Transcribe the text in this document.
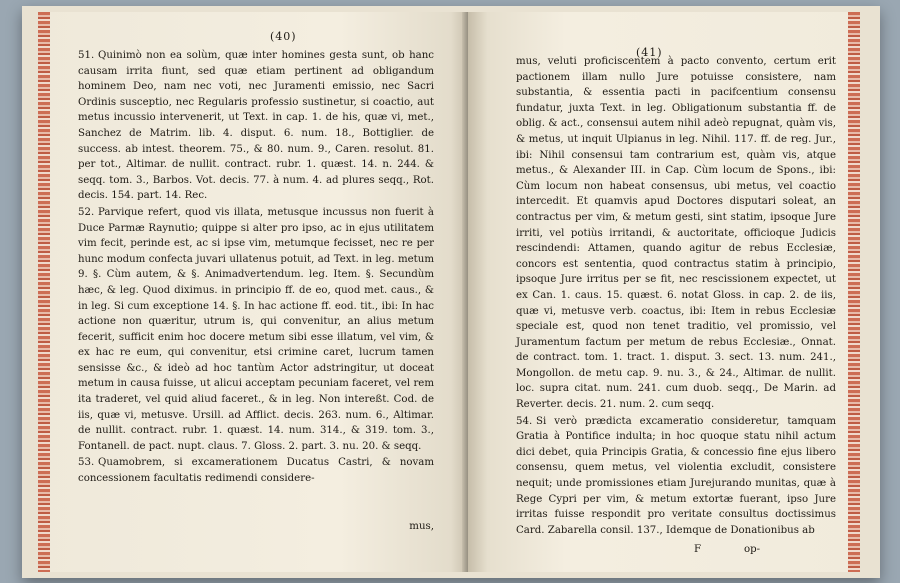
(40)

51. Quinimò non ea solùm, quæ inter homines gesta sunt, ob hanc causam irrita fiunt, sed quæ etiam pertinent ad obligandum hominem Deo, nam nec voti, nec Juramenti emissio, nec Sacri Ordinis susceptio, nec Regularis professio sustinetur, si coactio, aut metus incussio intervenerit, ut Text. in cap. 1. de his, quæ vi, met., Sanchez de Matrim. lib. 4. disput. 6. num. 18., Bottiglier. de success. ab intest. theorem. 75., & 80. num. 9., Caren. resolut. 81. per tot., Altimar. de nullit. contract. rubr. 1. quæst. 14. n. 244. & seqq. tom. 3., Barbos. Vot. decis. 77. à num. 4. ad plures seqq., Rot. decis. 154. part. 14. Rec.

52. Parvique refert, quod vis illata, metusque incussus non fuerit à Duce Parmæ Raynutio; quippe si alter pro ipso, ac in ejus utilitatem vim fecit, perinde est, ac si ipse vim, metumque fecisset, nec re per hunc modum confecta juvari ullatenus potuit, ad Text. in leg. metum 9. §. Cùm autem, & §. Animadvertendum. leg. Item. §. Secundùm hæc, & leg. Quod diximus. in principio ff. de eo, quod met. caus., & in leg. Si cum exceptione 14. §. In hac actione ff. eod. tit., ibi: In hac actione non quæritur, utrum is, qui convenitur, an alius metum fecerit, sufficit enim hoc docere metum sibi esse illatum, vel vim, & ex hac re eum, qui convenitur, etsi crimine caret, lucrum tamen sensisse &c., & ideò ad hoc tantùm Actor adstringitur, ut doceat metum in causa fuisse, ut alicui acceptam pecuniam faceret, vel rem ita traderet, vel quid aliud faceret., & in leg. Non intereßt. Cod. de iis, quæ vi, metusve. Ursill. ad Afflict. decis. 263. num. 6., Altimar. de nullit. contract. rubr. 1. quæst. 14. num. 314., & 319. tom. 3., Fontanell. de pact. nupt. claus. 7. Gloss. 2. part. 3. nu. 20. & seqq.

53. Quamobrem, si excamerationem Ducatus Castri, & novam concessionem facultatis redimendi considere-

mus,
(41)

mus, veluti proficiscentem à pacto convento, certum erit pactionem illam nullo Jure potuisse consistere, nam substantia, & essentia pacti in pacifcentium consensu fundatur, juxta Text. in leg. Obligationum substantia ff. de oblig. & act., consensui autem nihil adeò repugnat, quàm vis, & metus, ut inquit Ulpianus in leg. Nihil. 117. ff. de reg. Jur., ibi: Nihil consensui tam contrarium est, quàm vis, atque metus., & Alexander III. in Cap. Cùm locum de Spons., ibi: Cùm locum non habeat consensus, ubi metus, vel coactio intercedit. Et quamvis apud Doctores disputari soleat, an contractus per vim, & metum gesti, sint statim, ipsoque Jure irriti, vel potiùs irritandi, & auctoritate, officioque Judicis rescindendi: Attamen, quando agitur de rebus Ecclesiæ, concors est sententia, quod contractus statim à principio, ipsoque Jure irritus per se fit, nec rescissionem expectet, ut ex Can. 1. caus. 15. quæst. 6. notat Gloss. in cap. 2. de iis, quæ vi, metusve verb. coactus, ibi: Item in rebus Ecclesiæ speciale est, quod non tenet traditio, vel promissio, vel Juramentum factum per metum de rebus Ecclesiæ., Onnat. de contract. tom. 1. tract. 1. disput. 3. sect. 13. num. 241., Mongollon. de metu cap. 9. nu. 3., & 24., Altimar. de nullit. loc. supra citat. num. 241. cum duob. seqq., De Marin. ad Reverter. decis. 21. num. 2. cum seqq.

54. Si verò prædicta excameratio consideretur, tamquam Gratia à Pontifice indulta; in hoc quoque statu nihil actum dici debet, quia Principis Gratia, & concessio fine ejus libero consensu, quem metus, vel violentia excludit, consistere nequit; unde promissiones etiam Jurejurando munitas, quæ à Rege Cypri per vim, & metum extortæ fuerant, ipso Jure irritas fuisse respondit pro veritate consultus doctissimus Card. Zabarella consil. 137., Idemque de Donationibus ab

F	op-
